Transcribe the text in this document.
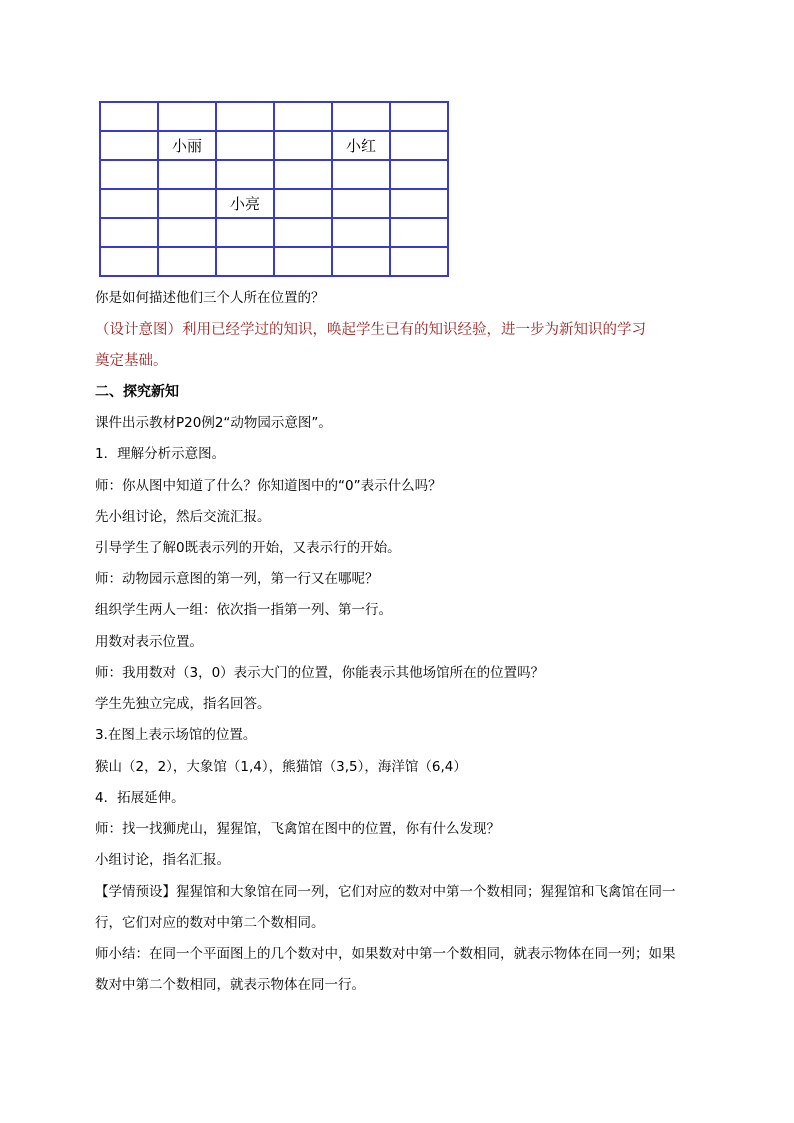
	小丽			小红	

		小亮			

你是如何描述他们三个人所在位置的？
（设计意图）利用已经学过的知识，唤起学生已有的知识经验，进一步为新知识的学习
奠定基础。
二、探究新知
课件出示教材P20例2“动物园示意图”。
1．理解分析示意图。
师：你从图中知道了什么？你知道图中的“0”表示什么吗？
先小组讨论，然后交流汇报。
引导学生了解0既表示列的开始，又表示行的开始。
师：动物园示意图的第一列，第一行又在哪呢？
组织学生两人一组：依次指一指第一列、第一行。
用数对表示位置。
师：我用数对（3，0）表示大门的位置，你能表示其他场馆所在的位置吗？
学生先独立完成，指名回答。
3.在图上表示场馆的位置。
猴山（2，2），大象馆（1,4），熊猫馆（3,5），海洋馆（6,4）
4．拓展延伸。
师：找一找狮虎山，猩猩馆，飞禽馆在图中的位置，你有什么发现？
小组讨论，指名汇报。
【学情预设】猩猩馆和大象馆在同一列，它们对应的数对中第一个数相同；猩猩馆和飞禽馆在同一
行，它们对应的数对中第二个数相同。
师小结：在同一个平面图上的几个数对中，如果数对中第一个数相同，就表示物体在同一列；如果
数对中第二个数相同，就表示物体在同一行。
